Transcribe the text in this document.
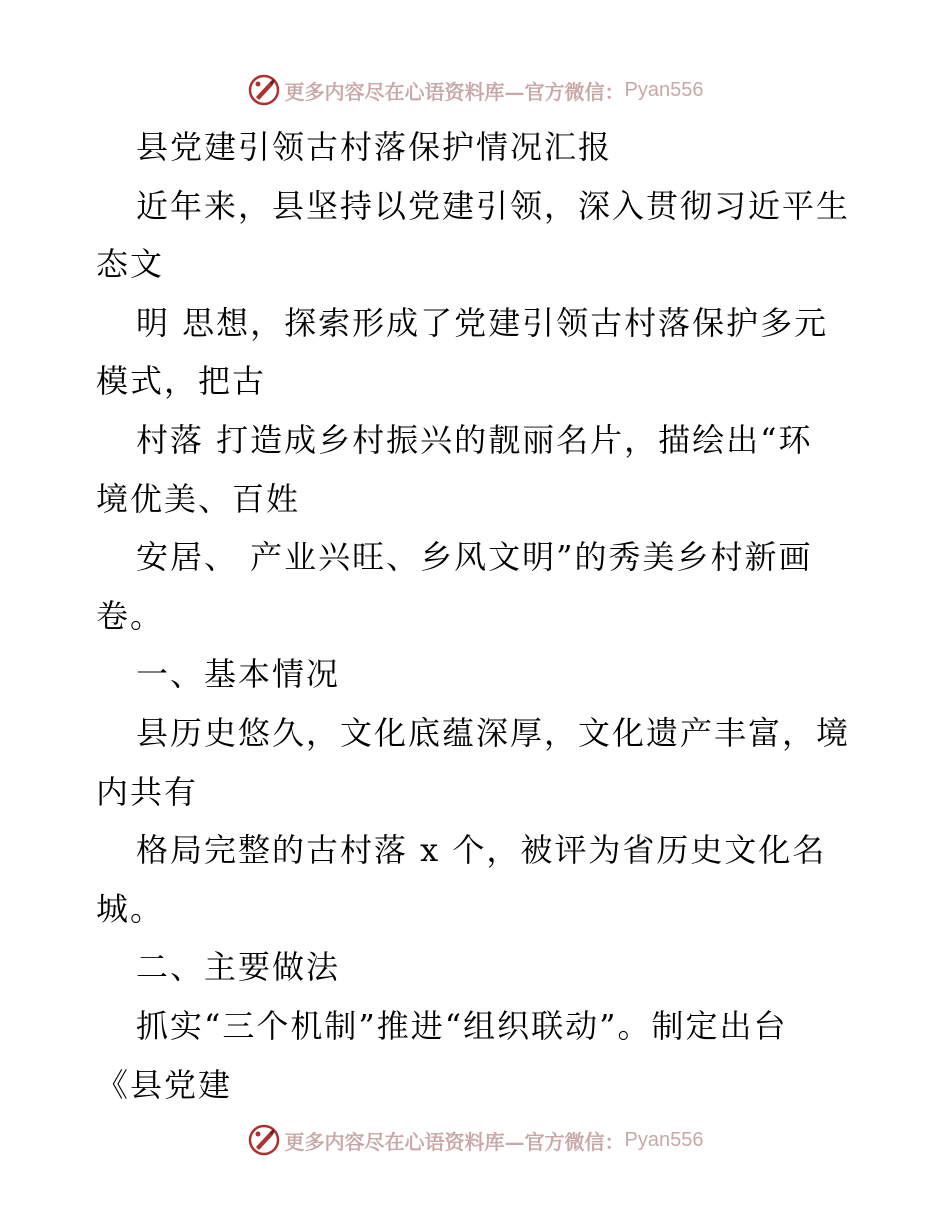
更多内容尽在心语资料库—官方微信： Pyan556
县党建引领古村落保护情况汇报
近年来，县坚持以党建引领，深入贯彻习近平生
态文
明 思想，探索形成了党建引领古村落保护多元
模式，把古
村落 打造成乡村振兴的靓丽名片，描绘出“环
境优美、百姓
安居、 产业兴旺、乡风文明”的秀美乡村新画
卷。
一、基本情况
县历史悠久，文化底蕴深厚，文化遗产丰富，境
内共有
格局完整的古村落 x 个，被评为省历史文化名
城。
二、主要做法
抓实“三个机制”推进“组织联动”。制定出台
《县党建
更多内容尽在心语资料库—官方微信： Pyan556
